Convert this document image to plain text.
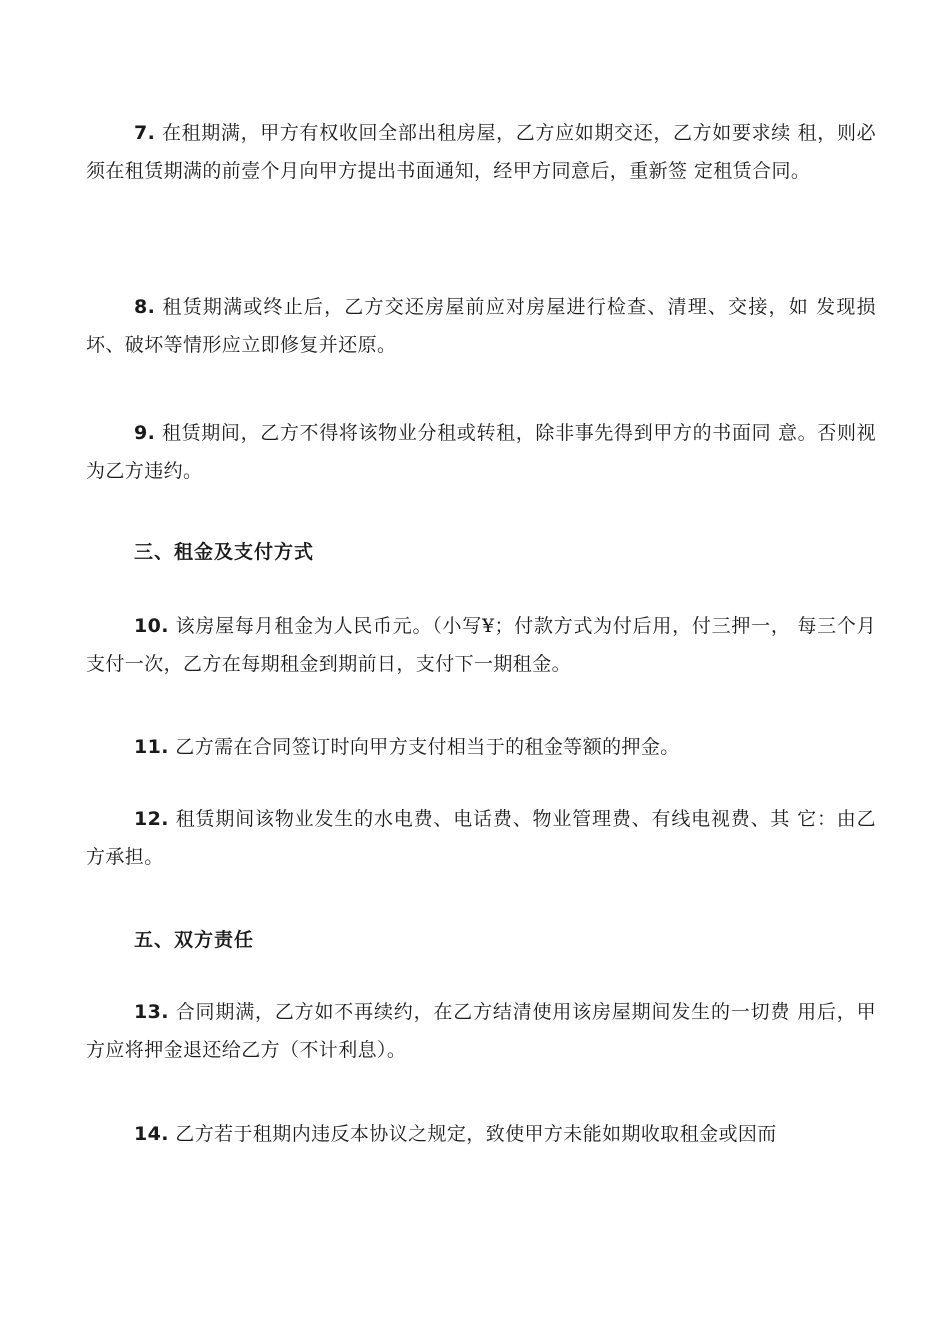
7. 在租期满，甲方有权收回全部出租房屋，乙方应如期交还，乙方如要求续 租，则必须在租赁期满的前壹个月向甲方提出书面通知，经甲方同意后，重新签 定租赁合同。

8. 租赁期满或终止后，乙方交还房屋前应对房屋进行检查、清理、交接，如 发现损坏、破坏等情形应立即修复并还原。

9. 租赁期间，乙方不得将该物业分租或转租，除非事先得到甲方的书面同 意。否则视为乙方违约。

三、租金及支付方式

10. 该房屋每月租金为人民币元。（小写¥；付款方式为付后用，付三押一， 每三个月支付一次，乙方在每期租金到期前日，支付下一期租金。

11. 乙方需在合同签订时向甲方支付相当于的租金等额的押金。

12. 租赁期间该物业发生的水电费、电话费、物业管理费、有线电视费、其 它：由乙方承担。

五、双方责任

13. 合同期满，乙方如不再续约，在乙方结清使用该房屋期间发生的一切费 用后，甲方应将押金退还给乙方（不计利息）。

14. 乙方若于租期内违反本协议之规定，致使甲方未能如期收取租金或因而
